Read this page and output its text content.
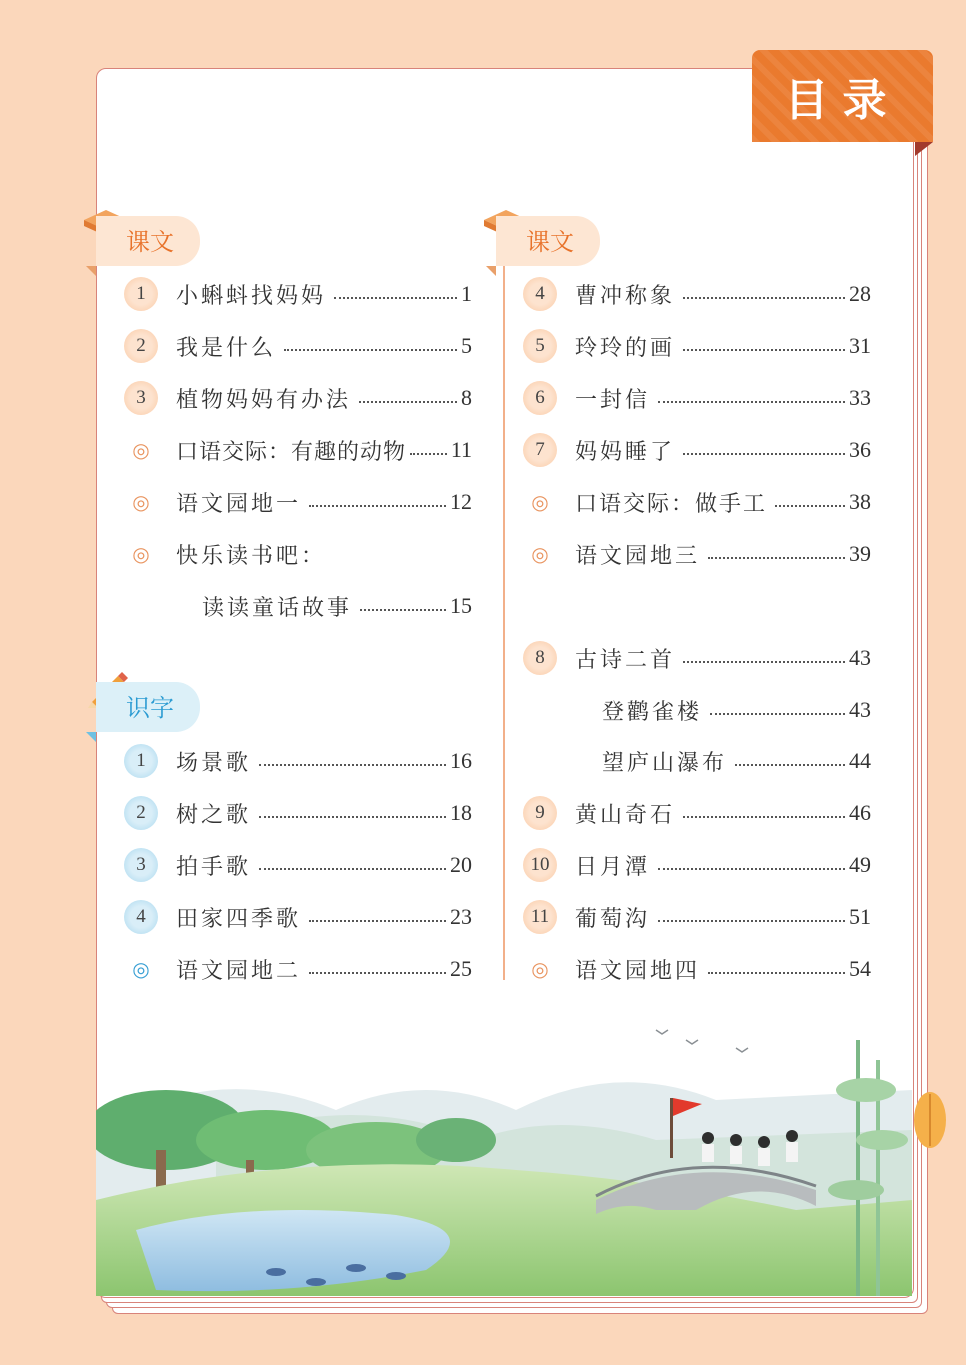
目录
课文	课文
识字
1	小蝌蚪找妈妈	1
2	我是什么	5
3	植物妈妈有办法	8
◎	口语交际：有趣的动物 11
◎	语文园地一	12
◎	快乐读书吧：
读读童话故事	15
1	场景歌	16
2	树之歌	18
3	拍手歌	20
4	田家四季歌	23
◎	语文园地二	25
4	曹冲称象	28
5	玲玲的画	31
6	一封信	33
7	妈妈睡了	36
◎	口语交际：做手工	38
◎	语文园地三	39
8	古诗二首	43
登鹳雀楼	43
望庐山瀑布	44
9	黄山奇石	46
10	日月潭	49
11	葡萄沟	51
◎	语文园地四	54
